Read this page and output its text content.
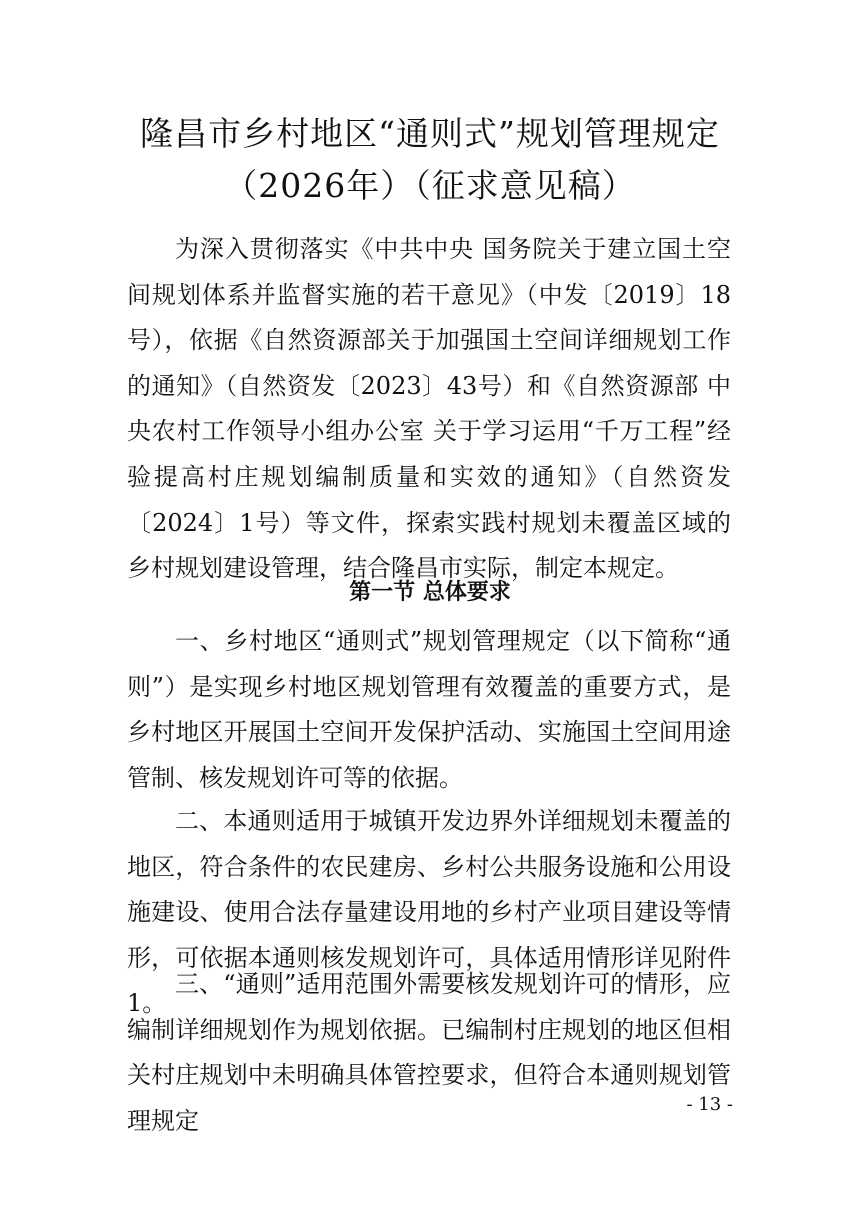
隆昌市乡村地区“通则式”规划管理规定
（2026年）（征求意见稿）

为深入贯彻落实《中共中央 国务院关于建立国土空间规划体系并监督实施的若干意见》（中发〔2019〕18号），依据《自然资源部关于加强国土空间详细规划工作的通知》（自然资发〔2023〕43号）和《自然资源部 中央农村工作领导小组办公室 关于学习运用“千万工程”经验提高村庄规划编制质量和实效的通知》（自然资发〔2024〕1号）等文件，探索实践村规划未覆盖区域的乡村规划建设管理，结合隆昌市实际，制定本规定。

第一节 总体要求

一、乡村地区“通则式”规划管理规定（以下简称“通则”）是实现乡村地区规划管理有效覆盖的重要方式，是乡村地区开展国土空间开发保护活动、实施国土空间用途管制、核发规划许可等的依据。

二、本通则适用于城镇开发边界外详细规划未覆盖的地区，符合条件的农民建房、乡村公共服务设施和公用设施建设、使用合法存量建设用地的乡村产业项目建设等情形，可依据本通则核发规划许可，具体适用情形详见附件1。

三、“通则”适用范围外需要核发规划许可的情形，应编制详细规划作为规划依据。已编制村庄规划的地区但相关村庄规划中未明确具体管控要求，但符合本通则规划管理规定

- 13 -
